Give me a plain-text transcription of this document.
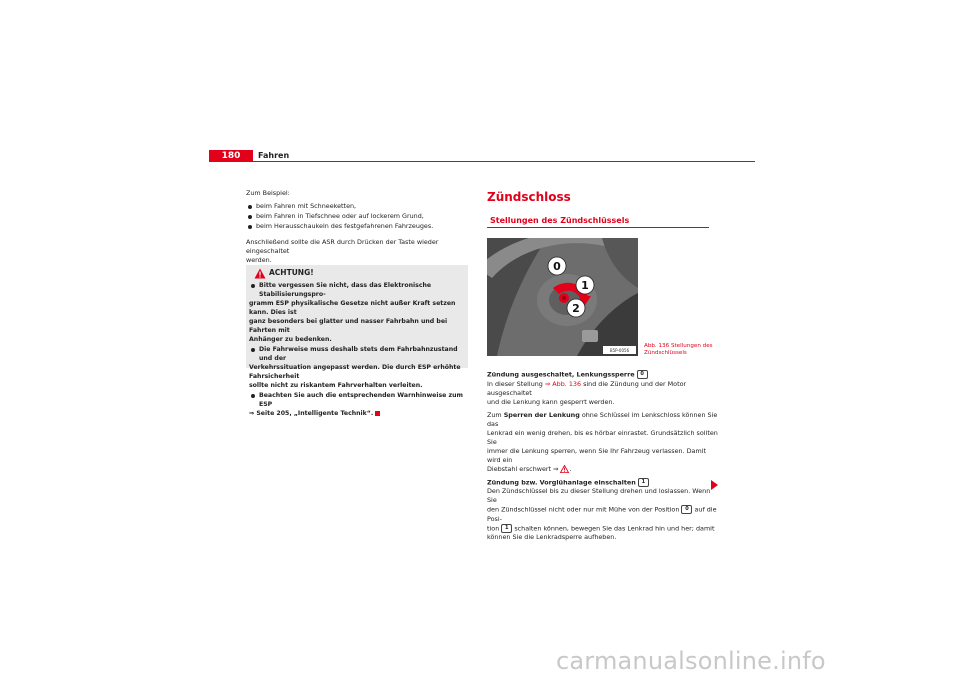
180	Fahren
Zum Beispiel:
beim Fahren mit Schneeketten,
beim Fahren in Tiefschnee oder auf lockerem Grund,
beim Herausschaukeln des festgefahrenen Fahrzeuges.
Anschließend sollte die ASR durch Drücken der Taste wieder eingeschaltet
werden.
ACHTUNG!
Bitte vergessen Sie nicht, dass das Elektronische Stabilisierungspro-
gramm ESP physikalische Gesetze nicht außer Kraft setzen kann. Dies ist
ganz besonders bei glatter und nasser Fahrbahn und bei Fahrten mit
Anhänger zu bedenken.
Die Fahrweise muss deshalb stets dem Fahrbahnzustand und der
Verkehrssituation angepasst werden. Die durch ESP erhöhte Fahrsicherheit
sollte nicht zu riskantem Fahrverhalten verleiten.
Beachten Sie auch die entsprechenden Warnhinweise zum ESP
⇒ Seite 205, „Intelligente Technik“.
Zündschloss
Stellungen des Zündschlüssels
B5P-0056
0
1
2
Abb. 136 Stellungen des
Zündschlüssels
Zündung ausgeschaltet, Lenkungssperre 0
In dieser Stellung ⇒ Abb. 136 sind die Zündung und der Motor ausgeschaltet
und die Lenkung kann gesperrt werden.
Zum Sperren der Lenkung ohne Schlüssel im Lenkschloss können Sie das
Lenkrad ein wenig drehen, bis es hörbar einrastet. Grundsätzlich sollten Sie
immer die Lenkung sperren, wenn Sie Ihr Fahrzeug verlassen. Damit wird ein
Diebstahl erschwert ⇒ .
Zündung bzw. Vorglühanlage einschalten 1
Den Zündschlüssel bis zu dieser Stellung drehen und loslassen. Wenn Sie
den Zündschlüssel nicht oder nur mit Mühe von der Position 0 auf die Posi-
tion 1 schalten können, bewegen Sie das Lenkrad hin und her; damit
können Sie die Lenkradsperre aufheben.
carmanualsonline.info
